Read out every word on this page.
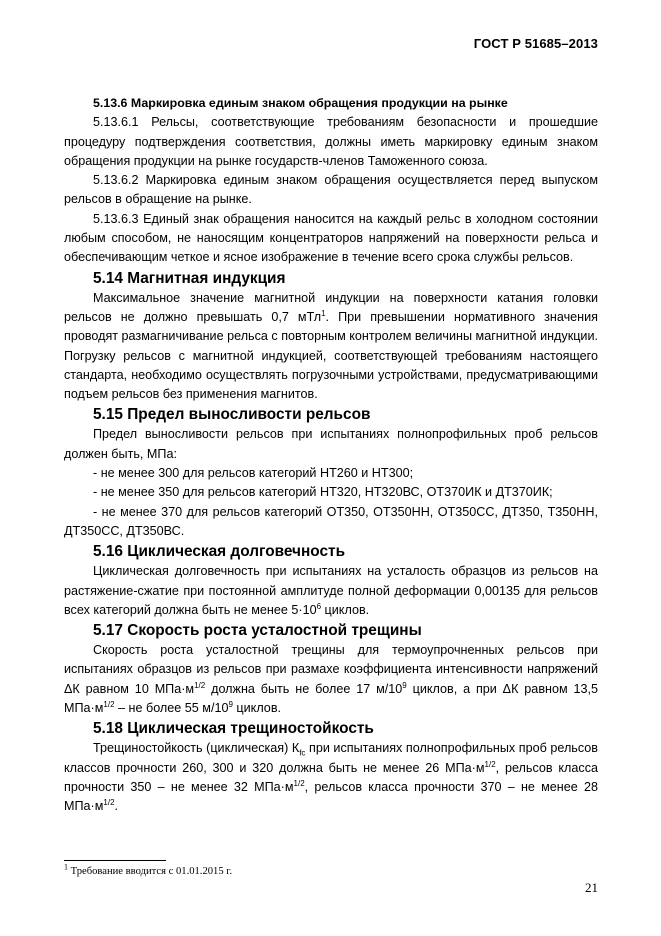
ГОСТ Р 51685–2013

5.13.6 Маркировка единым знаком обращения продукции на рынке

5.13.6.1 Рельсы, соответствующие требованиям безопасности и прошедшие процедуру подтверждения соответствия, должны иметь маркировку единым знаком обращения продукции на рынке государств-членов Таможенного союза.

5.13.6.2 Маркировка единым знаком обращения осуществляется перед выпуском рельсов в обращение на рынке.

5.13.6.3 Единый знак обращения наносится на каждый рельс в холодном состоянии любым способом, не наносящим концентраторов напряжений на поверхности рельса и обеспечивающим четкое и ясное изображение в течение всего срока службы рельсов.

5.14 Магнитная индукция

Максимальное значение магнитной индукции на поверхности катания головки рельсов не должно превышать 0,7 мТл$^1$. При превышении нормативного значения проводят размагничивание рельса с повторным контролем величины магнитной индукции. Погрузку рельсов с магнитной индукцией, соответствующей требованиям настоящего стандарта, необходимо осуществлять погрузочными устройствами, предусматривающими подъем рельсов без применения магнитов.

5.15 Предел выносливости рельсов

Предел выносливости рельсов при испытаниях полнопрофильных проб рельсов должен быть, МПа:

- не менее 300 для рельсов категорий НТ260 и НТ300;

- не менее 350 для рельсов категорий НТ320, НТ320ВС, ОТ370ИК и ДТ370ИК;

- не менее 370 для рельсов категорий ОТ350, ОТ350НН, ОТ350СС, ДТ350, Т350НН, ДТ350СС, ДТ350ВС.

5.16 Циклическая долговечность

Циклическая долговечность при испытаниях на усталость образцов из рельсов на растяжение-сжатие при постоянной амплитуде полной деформации 0,00135 для рельсов всех категорий должна быть не менее $5\cdot 10^6$ циклов.

5.17 Скорость роста усталостной трещины

Скорость роста усталостной трещины для термоупрочненных рельсов при испытаниях образцов из рельсов при размахе коэффициента интенсивности напряжений ΔК равном 10 $МПа\cdot м^{1/2}$ должна быть не более 17 $м/10^9$ циклов, а при ΔК равном 13,5 $МПа\cdot м^{1/2}$ – не более 55 $м/10^9$ циклов.

5.18 Циклическая трещиностойкость

Трещиностойкость (циклическая) $К_{fc}$ при испытаниях полнопрофильных проб рельсов классов прочности 260, 300 и 320 должна быть не менее 26 $МПа\cdot м^{1/2}$, рельсов класса прочности 350 – не менее 32 $МПа\cdot м^{1/2}$, рельсов класса прочности 370 – не менее 28 $МПа\cdot м^{1/2}$.

$^1$ Требование вводится с 01.01.2015 г.
21
